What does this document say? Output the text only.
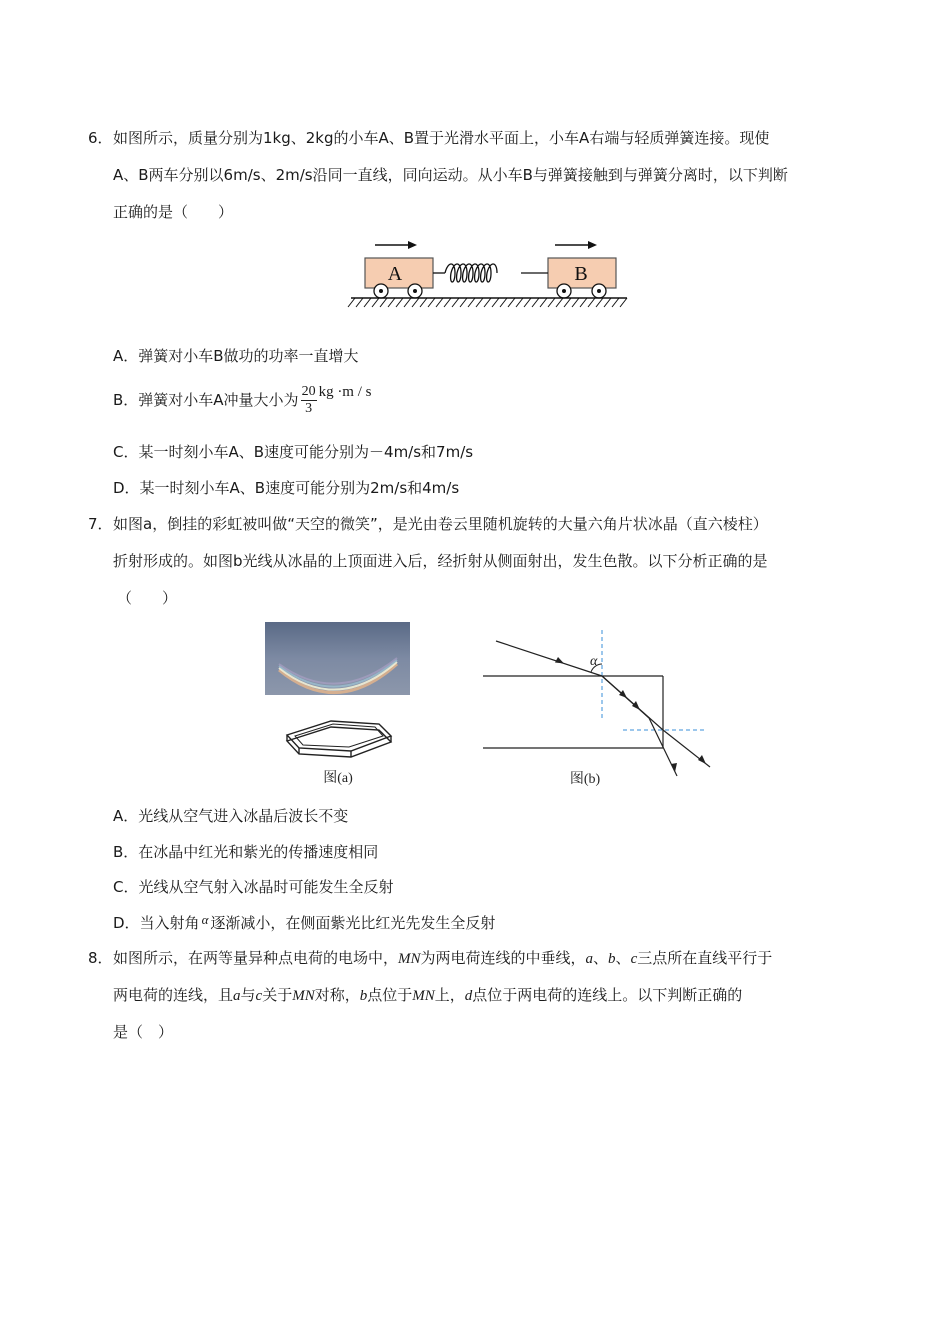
6． 如图所示，质量分别为1kg、2kg的小车A、B置于光滑水平面上，小车A右端与轻质弹簧连接。现使
A、B两车分别以6m/s、2m/s沿同一直线，同向运动。从小车B与弹簧接触到与弹簧分离时，以下判断
正确的是（　　）
A	B
A．弹簧对小车B做功的功率一直增大
B．弹簧对小车A冲量大小为 $\frac{20}{3}$ kg ·m / s
C．某一时刻小车A、B速度可能分别为－4m/s和7m/s
D．某一时刻小车A、B速度可能分别为2m/s和4m/s
7． 如图a，倒挂的彩虹被叫做“天空的微笑”，是光由卷云里随机旋转的大量六角片状冰晶（直六棱柱）
折射形成的。如图b光线从冰晶的上顶面进入后，经折射从侧面射出，发生色散。以下分析正确的是
（　　）
图(a)
α
图(b)
A．光线从空气进入冰晶后波长不变
B．在冰晶中红光和紫光的传播速度相同
C．光线从空气射入冰晶时可能发生全反射
D．当入射角 α 逐渐减小，在侧面紫光比红光先发生全反射
8． 如图所示，在两等量异种点电荷的电场中，MN为两电荷连线的中垂线，a、b、c三点所在直线平行于
两电荷的连线，且a与c关于MN对称，b点位于MN上，d点位于两电荷的连线上。以下判断正确的
是（　）
